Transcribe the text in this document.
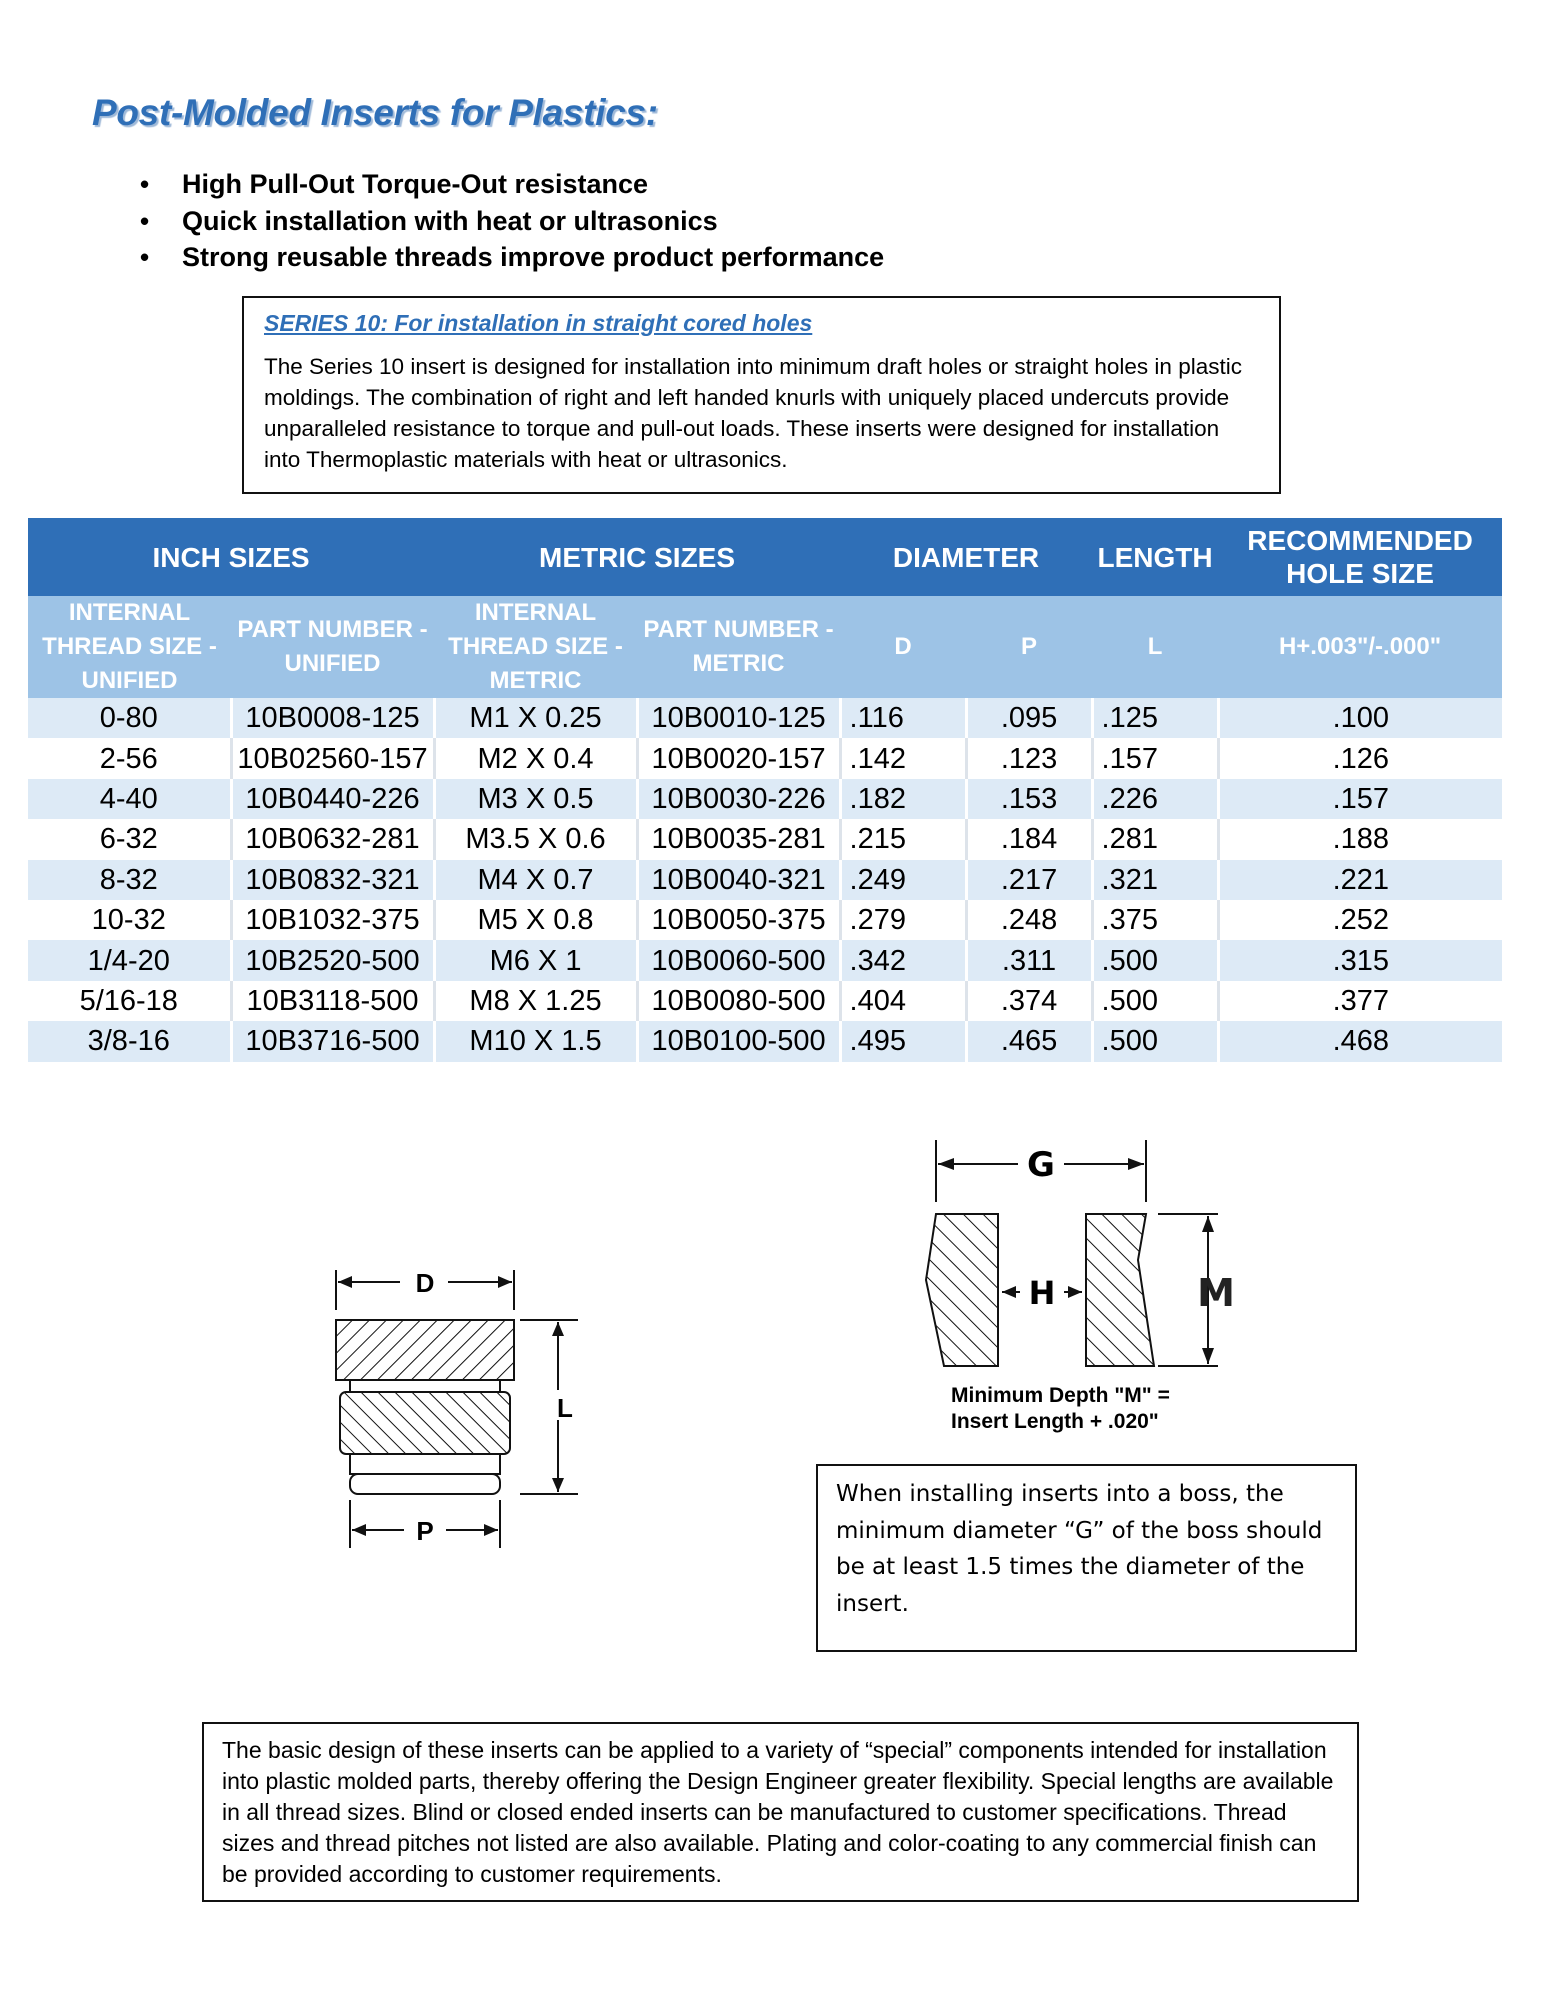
Post-Molded Inserts for Plastics:
• High Pull-Out Torque-Out resistance
• Quick installation with heat or ultrasonics
• Strong reusable threads improve product performance

SERIES 10: For installation in straight cored holes

The Series 10 insert is designed for installation into minimum draft holes or straight holes in plastic moldings. The combination of right and left handed knurls with uniquely placed undercuts provide unparalleled resistance to torque and pull-out loads. These inserts were designed for installation into Thermoplastic materials with heat or ultrasonics.

INCH SIZES		METRIC SIZES		DIAMETER		LENGTH	RECOMMENDED HOLE SIZE
INTERNAL THREAD SIZE - UNIFIED	PART NUMBER - UNIFIED	INTERNAL THREAD SIZE - METRIC	PART NUMBER - METRIC	D	P	L	H+.003"/-.000"
0-80	10B0008-125	M1 X 0.25	10B0010-125	.116	.095	.125	.100
2-56	10B02560-157	M2 X 0.4	10B0020-157	.142	.123	.157	.126
4-40	10B0440-226	M3 X 0.5	10B0030-226	.182	.153	.226	.157
6-32	10B0632-281	M3.5 X 0.6	10B0035-281	.215	.184	.281	.188
8-32	10B0832-321	M4 X 0.7	10B0040-321	.249	.217	.321	.221
10-32	10B1032-375	M5 X 0.8	10B0050-375	.279	.248	.375	.252
1/4-20	10B2520-500	M6 X 1	10B0060-500	.342	.311	.500	.315
5/16-18	10B3118-500	M8 X 1.25	10B0080-500	.404	.374	.500	.377
3/8-16	10B3716-500	M10 X 1.5	10B0100-500	.495	.465	.500	.468
D
L
P
G
H	M
Minimum Depth "M" =
Insert Length + .020"
When installing inserts into a boss, the minimum diameter “G” of the boss should be at least 1.5 times the diameter of the insert.
The basic design of these inserts can be applied to a variety of “special” components intended for installation into plastic molded parts, thereby offering the Design Engineer greater flexibility. Special lengths are available in all thread sizes. Blind or closed ended inserts can be manufactured to customer specifications. Thread sizes and thread pitches not listed are also available. Plating and color-coating to any commercial finish can be provided according to customer requirements.
